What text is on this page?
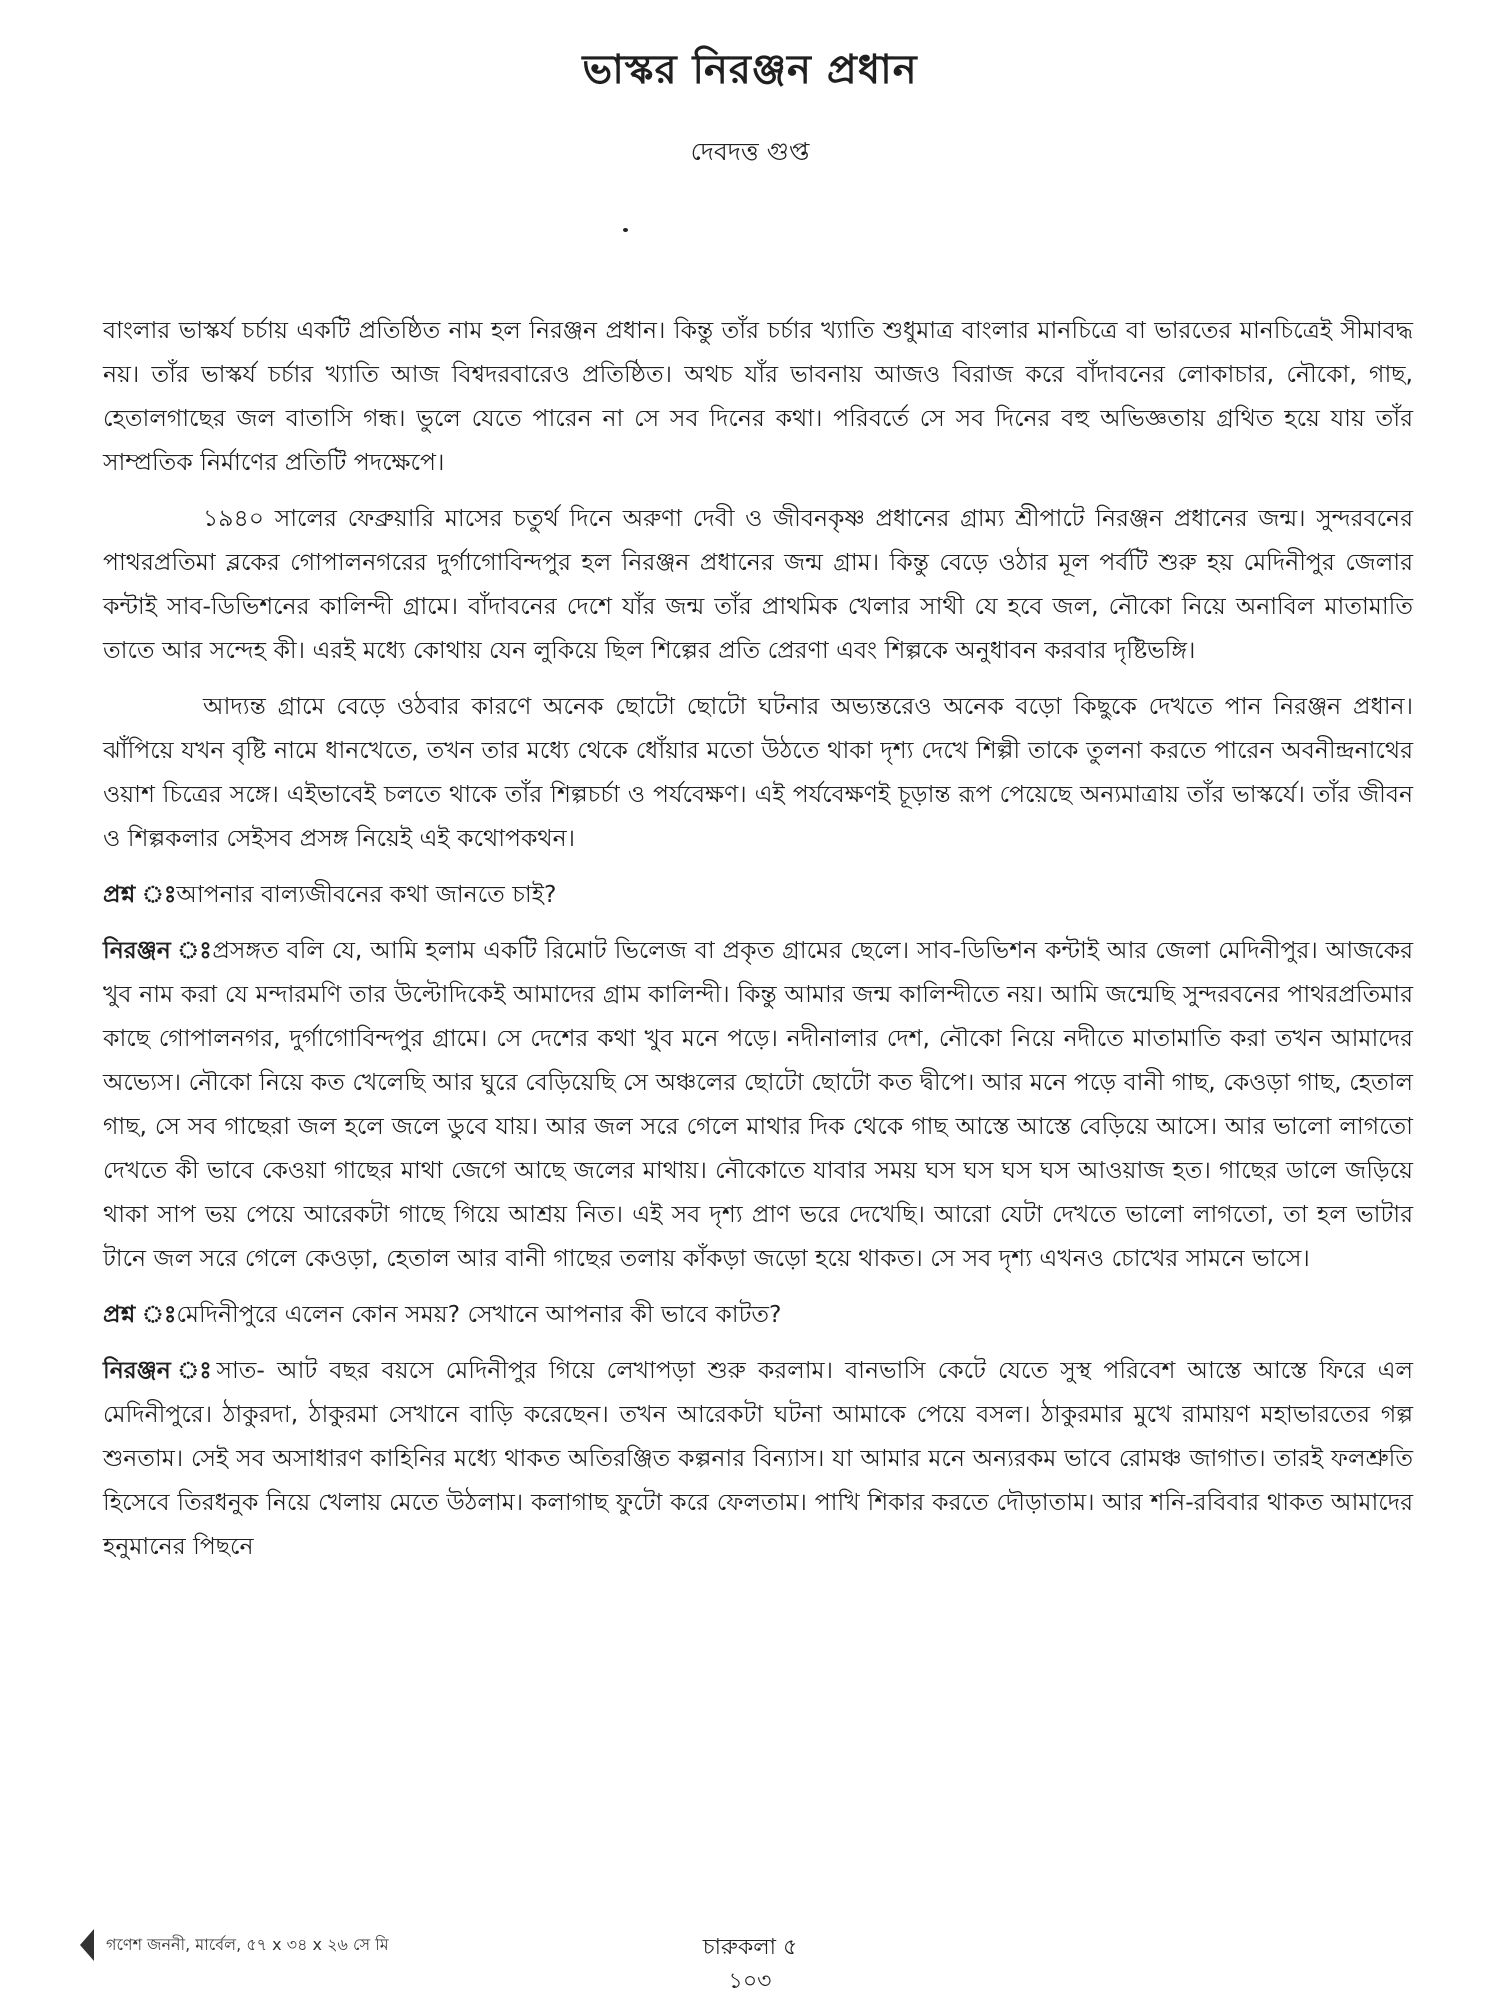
ভাস্কর নিরঞ্জন প্রধান
দেবদত্ত গুপ্ত

বাংলার ভাস্কর্য চর্চায় একটি প্রতিষ্ঠিত নাম হল নিরঞ্জন প্রধান। কিন্তু তাঁর চর্চার খ্যাতি শুধুমাত্র বাংলার মানচিত্রে বা ভারতের মানচিত্রেই সীমাবদ্ধ নয়। তাঁর ভাস্কর্য চর্চার খ্যাতি আজ বিশ্বদরবারেও প্রতিষ্ঠিত। অথচ যাঁর ভাবনায় আজও বিরাজ করে বাঁদাবনের লোকাচার, নৌকো, গাছ, হেতালগাছের জল বাতাসি গন্ধ। ভুলে যেতে পারেন না সে সব দিনের কথা। পরিবর্তে সে সব দিনের বহু অভিজ্ঞতায় গ্রথিত হয়ে যায় তাঁর সাম্প্রতিক নির্মাণের প্রতিটি পদক্ষেপে।

১৯৪০ সালের ফেব্রুয়ারি মাসের চতুর্থ দিনে অরুণা দেবী ও জীবনকৃষ্ণ প্রধানের গ্রাম্য শ্রীপাটে নিরঞ্জন প্রধানের জন্ম। সুন্দরবনের পাথরপ্রতিমা ব্লকের গোপালনগরের দুর্গাগোবিন্দপুর হল নিরঞ্জন প্রধানের জন্ম গ্রাম। কিন্তু বেড়ে ওঠার মূল পর্বটি শুরু হয় মেদিনীপুর জেলার কন্টাই সাব-ডিভিশনের কালিন্দী গ্রামে। বাঁদাবনের দেশে যাঁর জন্ম তাঁর প্রাথমিক খেলার সাথী যে হবে জল, নৌকো নিয়ে অনাবিল মাতামাতি তাতে আর সন্দেহ কী। এরই মধ্যে কোথায় যেন লুকিয়ে ছিল শিল্পের প্রতি প্রেরণা এবং শিল্পকে অনুধাবন করবার দৃষ্টিভঙ্গি।

আদ্যন্ত গ্রামে বেড়ে ওঠবার কারণে অনেক ছোটো ছোটো ঘটনার অভ্যন্তরেও অনেক বড়ো কিছুকে দেখতে পান নিরঞ্জন প্রধান। ঝাঁপিয়ে যখন বৃষ্টি নামে ধানখেতে, তখন তার মধ্যে থেকে ধোঁয়ার মতো উঠতে থাকা দৃশ্য দেখে শিল্পী তাকে তুলনা করতে পারেন অবনীন্দ্রনাথের ওয়াশ চিত্রের সঙ্গে। এইভাবেই চলতে থাকে তাঁর শিল্পচর্চা ও পর্যবেক্ষণ। এই পর্যবেক্ষণই চূড়ান্ত রূপ পেয়েছে অন্যমাত্রায় তাঁর ভাস্কর্যে। তাঁর জীবন ও শিল্পকলার সেইসব প্রসঙ্গ নিয়েই এই কথোপকথন।

প্রশ্ন ঃআপনার বাল্যজীবনের কথা জানতে চাই?

নিরঞ্জন ঃপ্রসঙ্গত বলি যে, আমি হলাম একটি রিমোট ভিলেজ বা প্রকৃত গ্রামের ছেলে। সাব-ডিভিশন কন্টাই আর জেলা মেদিনীপুর। আজকের খুব নাম করা যে মন্দারমণি তার উল্টোদিকেই আমাদের গ্রাম কালিন্দী। কিন্তু আমার জন্ম কালিন্দীতে নয়। আমি জন্মেছি সুন্দরবনের পাথরপ্রতিমার কাছে গোপালনগর, দুর্গাগোবিন্দপুর গ্রামে। সে দেশের কথা খুব মনে পড়ে। নদীনালার দেশ, নৌকো নিয়ে নদীতে মাতামাতি করা তখন আমাদের অভ্যেস। নৌকো নিয়ে কত খেলেছি আর ঘুরে বেড়িয়েছি সে অঞ্চলের ছোটো ছোটো কত দ্বীপে। আর মনে পড়ে বানী গাছ, কেওড়া গাছ, হেতাল গাছ, সে সব গাছেরা জল হলে জলে ডুবে যায়। আর জল সরে গেলে মাথার দিক থেকে গাছ আস্তে আস্তে বেড়িয়ে আসে। আর ভালো লাগতো দেখতে কী ভাবে কেওয়া গাছের মাথা জেগে আছে জলের মাথায়। নৌকোতে যাবার সময় ঘস ঘস ঘস ঘস আওয়াজ হত। গাছের ডালে জড়িয়ে থাকা সাপ ভয় পেয়ে আরেকটা গাছে গিয়ে আশ্রয় নিত। এই সব দৃশ্য প্রাণ ভরে দেখেছি। আরো যেটা দেখতে ভালো লাগতো, তা হল ভাটার টানে জল সরে গেলে কেওড়া, হেতাল আর বানী গাছের তলায় কাঁকড়া জড়ো হয়ে থাকত। সে সব দৃশ্য এখনও চোখের সামনে ভাসে।

প্রশ্ন ঃমেদিনীপুরে এলেন কোন সময়? সেখানে আপনার কী ভাবে কাটত?

নিরঞ্জন ঃসাত- আট বছর বয়সে মেদিনীপুর গিয়ে লেখাপড়া শুরু করলাম। বানভাসি কেটে যেতে সুস্থ পরিবেশ আস্তে আস্তে ফিরে এল মেদিনীপুরে। ঠাকুরদা, ঠাকুরমা সেখানে বাড়ি করেছেন। তখন আরেকটা ঘটনা আমাকে পেয়ে বসল। ঠাকুরমার মুখে রামায়ণ মহাভারতের গল্প শুনতাম। সেই সব অসাধারণ কাহিনির মধ্যে থাকত অতিরঞ্জিত কল্পনার বিন্যাস। যা আমার মনে অন্যরকম ভাবে রোমঞ্চ জাগাত। তারই ফলশ্রুতি হিসেবে তিরধনুক নিয়ে খেলায় মেতে উঠলাম। কলাগাছ ফুটো করে ফেলতাম। পাখি শিকার করতে দৌড়াতাম। আর শনি-রবিবার থাকত আমাদের হনুমানের পিছনে

গণেশ জননী, মার্বেল, ৫৭ x ৩৪ x ২৬ সে মি	চারুকলা ৫
১০৩
